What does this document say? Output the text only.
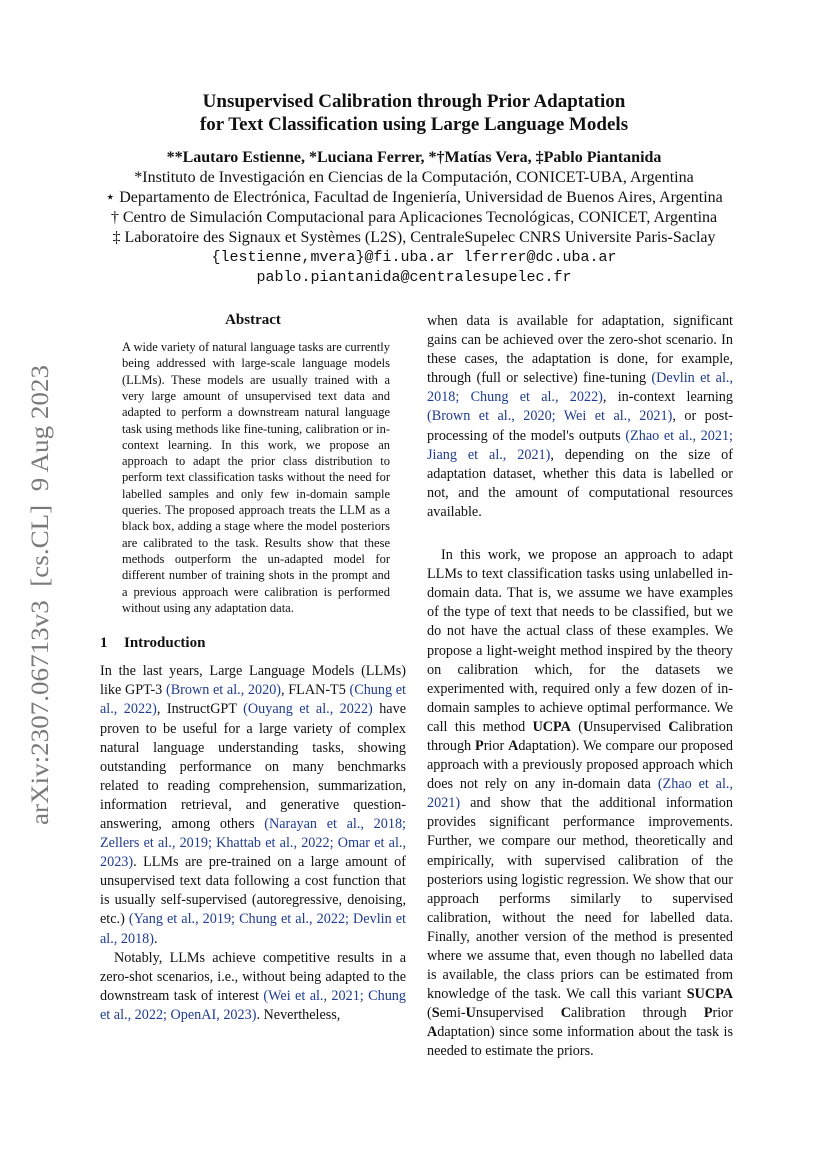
arXiv:2307.06713v3  [cs.CL]  9 Aug 2023
Unsupervised Calibration through Prior Adaptation
for Text Classification using Large Language Models
**Lautaro Estienne, *Luciana Ferrer, *†Matías Vera, ‡Pablo Piantanida
*Instituto de Investigación en Ciencias de la Computación, CONICET-UBA, Argentina
⋆ Departamento de Electrónica, Facultad de Ingeniería, Universidad de Buenos Aires, Argentina
† Centro de Simulación Computacional para Aplicaciones Tecnológicas, CONICET, Argentina
‡ Laboratoire des Signaux et Systèmes (L2S), CentraleSupelec CNRS Universite Paris-Saclay
{lestienne,mvera}@fi.uba.ar lferrer@dc.uba.ar
pablo.piantanida@centralesupelec.fr
Abstract

A wide variety of natural language tasks are currently being addressed with large-scale language models (LLMs). These models are usually trained with a very large amount of unsupervised text data and adapted to perform a downstream natural language task using methods like fine-tuning, calibration or in-context learning. In this work, we propose an approach to adapt the prior class distribution to perform text classification tasks without the need for labelled samples and only few in-domain sample queries. The proposed approach treats the LLM as a black box, adding a stage where the model posteriors are calibrated to the task. Results show that these methods outperform the un-adapted model for different number of training shots in the prompt and a previous approach were calibration is performed without using any adaptation data.

1 Introduction

In the last years, Large Language Models (LLMs) like GPT-3 (Brown et al., 2020), FLAN-T5 (Chung et al., 2022), InstructGPT (Ouyang et al., 2022) have proven to be useful for a large variety of complex natural language understanding tasks, showing outstanding performance on many benchmarks related to reading comprehension, summarization, information retrieval, and generative question-answering, among others (Narayan et al., 2018; Zellers et al., 2019; Khattab et al., 2022; Omar et al., 2023). LLMs are pre-trained on a large amount of unsupervised text data following a cost function that is usually self-supervised (autoregressive, denoising, etc.) (Yang et al., 2019; Chung et al., 2022; Devlin et al., 2018).

Notably, LLMs achieve competitive results in a zero-shot scenarios, i.e., without being adapted to the downstream task of interest (Wei et al., 2021; Chung et al., 2022; OpenAI, 2023). Nevertheless,

when data is available for adaptation, significant gains can be achieved over the zero-shot scenario. In these cases, the adaptation is done, for example, through (full or selective) fine-tuning (Devlin et al., 2018; Chung et al., 2022), in-context learning (Brown et al., 2020; Wei et al., 2021), or post-processing of the model's outputs (Zhao et al., 2021; Jiang et al., 2021), depending on the size of adaptation dataset, whether this data is labelled or not, and the amount of computational resources available.

In this work, we propose an approach to adapt LLMs to text classification tasks using unlabelled in-domain data. That is, we assume we have examples of the type of text that needs to be classified, but we do not have the actual class of these examples. We propose a light-weight method inspired by the theory on calibration which, for the datasets we experimented with, required only a few dozen of in-domain samples to achieve optimal performance. We call this method UCPA (Unsupervised Calibration through Prior Adaptation). We compare our proposed approach with a previously proposed approach which does not rely on any in-domain data (Zhao et al., 2021) and show that the additional information provides significant performance improvements. Further, we compare our method, theoretically and empirically, with supervised calibration of the posteriors using logistic regression. We show that our approach performs similarly to supervised calibration, without the need for labelled data. Finally, another version of the method is presented where we assume that, even though no labelled data is available, the class priors can be estimated from knowledge of the task. We call this variant SUCPA (Semi-Unsupervised Calibration through Prior Adaptation) since some information about the task is needed to estimate the priors.
